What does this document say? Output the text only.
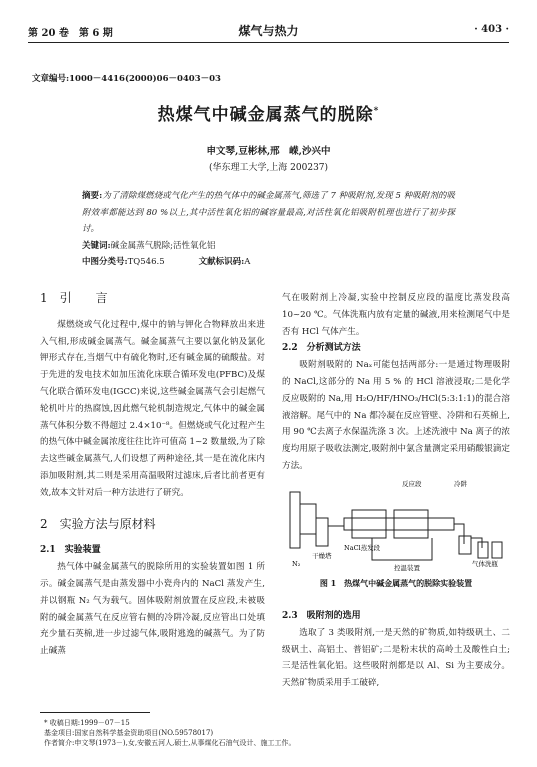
第 20 卷　第 6 期	煤气与热力	· 403 ·
文章编号:1000－4416(2000)06－0403－03
热煤气中碱金属蒸气的脱除*
申文琴,豆彬林,邢　嵘,沙兴中
(华东理工大学,上海 200237)
摘要:为了清除煤燃烧或气化产生的热气体中的碱金属蒸气,筛选了 7 种吸附剂,发现 5 种吸附剂的吸附效率都能达到 80 %以上,其中活性氧化铝的碱容量最高,对活性氧化铝吸附机理也进行了初步探讨。
关键词:碱金属蒸气脱除;活性氧化铝
中图分类号:TQ546.5	文献标识码:A
1　引　　言

煤燃烧或气化过程中,煤中的钠与钾化合物释放出来进入气相,形成碱金属蒸气。碱金属蒸气主要以氯化钠及氯化钾形式存在,当烟气中有硫化物时,还有碱金属的硫酸盐。对于先进的发电技术如加压流化床联合循环发电(PFBC)及煤气化联合循环发电(IGCC)来说,这些碱金属蒸气会引起燃气轮机叶片的热腐蚀,因此燃气轮机制造规定,气体中的碱金属蒸气体积分数不得超过 2.4×10⁻⁸。但燃烧或气化过程产生的热气体中碱金属浓度往往比许可值高 1~2 数量级,为了除去这些碱金属蒸气,人们设想了两种途径,其一是在流化床内添加吸附剂,其二则是采用高温吸附过滤床,后者比前者更有效,故本文针对后一种方法进行了研究。

2　实验方法与原材料
2.1　实验装置

热气体中碱金属蒸气的脱除所用的实验装置如图 1 所示。碱金属蒸气是由蒸发器中小瓷舟内的 NaCl 蒸发产生,并以钢瓶 N₂ 气为载气。固体吸附剂放置在反应段,未被吸附的碱金属蒸气在反应管右侧的冷阱冷凝,反应管出口处填充少量石英棉,进一步过滤气体,吸附逃逸的碱蒸气。为了防止碱蒸

气在吸附剂上冷凝,实验中控制反应段的温度比蒸发段高 10~20 ℃。气体洗瓶内放有定量的碱液,用来检测尾气中是否有 HCl 气体产生。

2.2　分析测试方法

吸附剂吸附的 Naₓ可能包括两部分:一是通过物理吸附的 NaCl,这部分的 Na 用 5 % 的 HCl 溶液浸取;二是化学反应吸附的 Na,用 H₂O/HF/HNO₃/HCl(5:3:1:1)的混合溶液溶解。尾气中的 Na 都冷凝在反应管壁、冷阱和石英棉上,用 90 ℃去离子水保温洗涤 3 次。上述洗液中 Na 离子的浓度均用原子吸收法测定,吸附剂中氯含量测定采用硝酸银滴定方法。

反应段	冷阱
N₂
NaCl蒸发段
干燥塔
气体洗瓶
控温装置
图 1　热煤气中碱金属蒸气的脱除实验装置
2.3　吸附剂的选用

选取了 3 类吸附剂,一是天然的矿物质,如特级矾土、二级矾土、高铝土、普铝矿;二是粉末状的高岭土及酸性白土;三是活性氧化铝。这些吸附剂都是以 Al、Si 为主要成分。天然矿物质采用手工破碎,

* 收稿日期:1999－07－15
基金项目:国家自然科学基金资助项目(NO.59578017)
作者简介:申文琴(1973－),女,安徽五河人,硕士,从事煤化石油气设计、施工工作。
